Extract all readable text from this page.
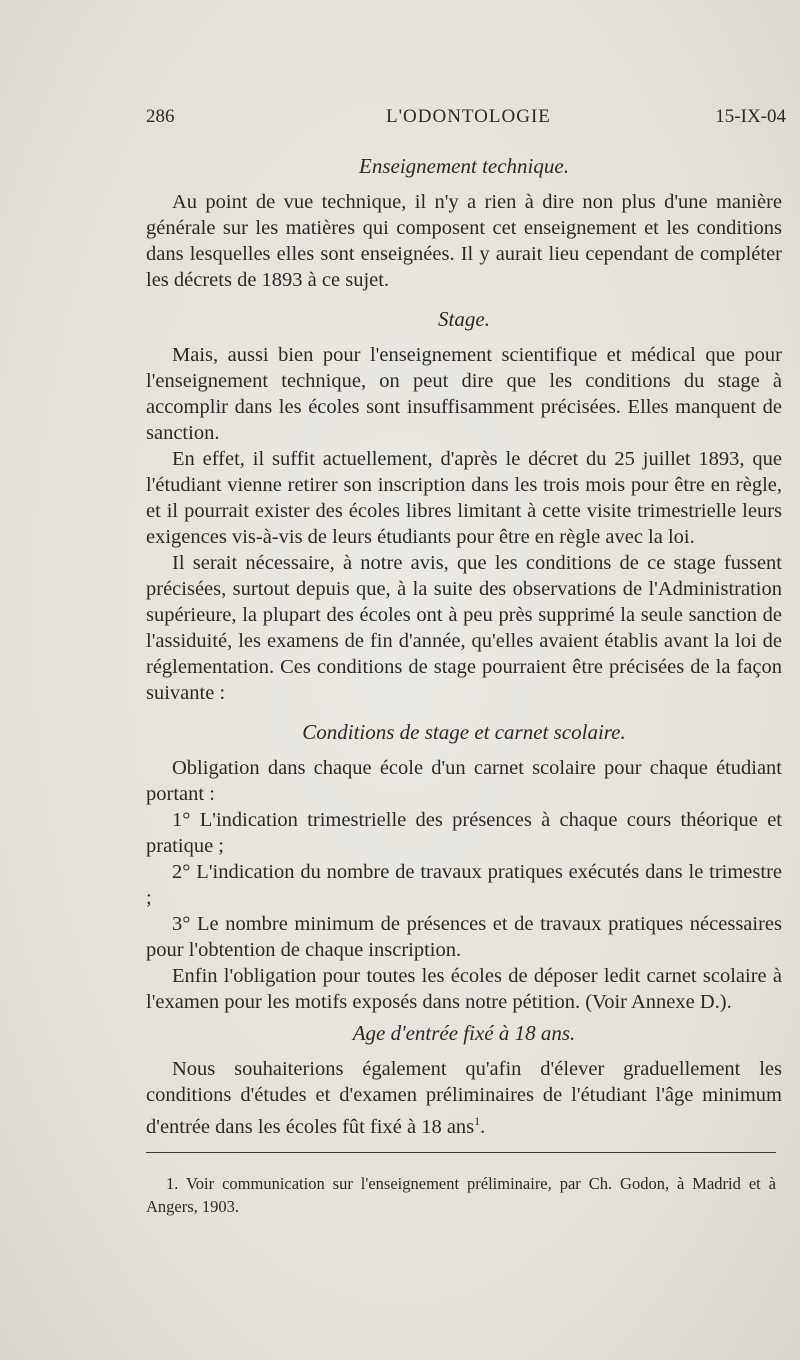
286	L'ODONTOLOGIE	15-IX-04
Enseignement technique.

Au point de vue technique, il n'y a rien à dire non plus d'une manière générale sur les matières qui composent cet enseignement et les conditions dans lesquelles elles sont enseignées. Il y aurait lieu cependant de compléter les décrets de 1893 à ce sujet.

Stage.

Mais, aussi bien pour l'enseignement scientifique et médical que pour l'enseignement technique, on peut dire que les conditions du stage à accomplir dans les écoles sont insuffisamment précisées. Elles manquent de sanction.

En effet, il suffit actuellement, d'après le décret du 25 juillet 1893, que l'étudiant vienne retirer son inscription dans les trois mois pour être en règle, et il pourrait exister des écoles libres limitant à cette visite trimestrielle leurs exigences vis-à-vis de leurs étudiants pour être en règle avec la loi.

Il serait nécessaire, à notre avis, que les conditions de ce stage fussent précisées, surtout depuis que, à la suite des observations de l'Administration supérieure, la plupart des écoles ont à peu près supprimé la seule sanction de l'assiduité, les examens de fin d'année, qu'elles avaient établis avant la loi de réglementation. Ces conditions de stage pourraient être précisées de la façon suivante :

Conditions de stage et carnet scolaire.

Obligation dans chaque école d'un carnet scolaire pour chaque étudiant portant :

1° L'indication trimestrielle des présences à chaque cours théorique et pratique ;

2° L'indication du nombre de travaux pratiques exécutés dans le trimestre ;

3° Le nombre minimum de présences et de travaux pratiques nécessaires pour l'obtention de chaque inscription.

Enfin l'obligation pour toutes les écoles de déposer ledit carnet scolaire à l'examen pour les motifs exposés dans notre pétition. (Voir Annexe D.).

Age d'entrée fixé à 18 ans.

Nous souhaiterions également qu'afin d'élever graduellement les conditions d'études et d'examen préliminaires de l'étudiant l'âge minimum d'entrée dans les écoles fût fixé à 18 ans$^1$.

1. Voir communication sur l'enseignement préliminaire, par Ch. Godon, à Madrid et à Angers, 1903.
